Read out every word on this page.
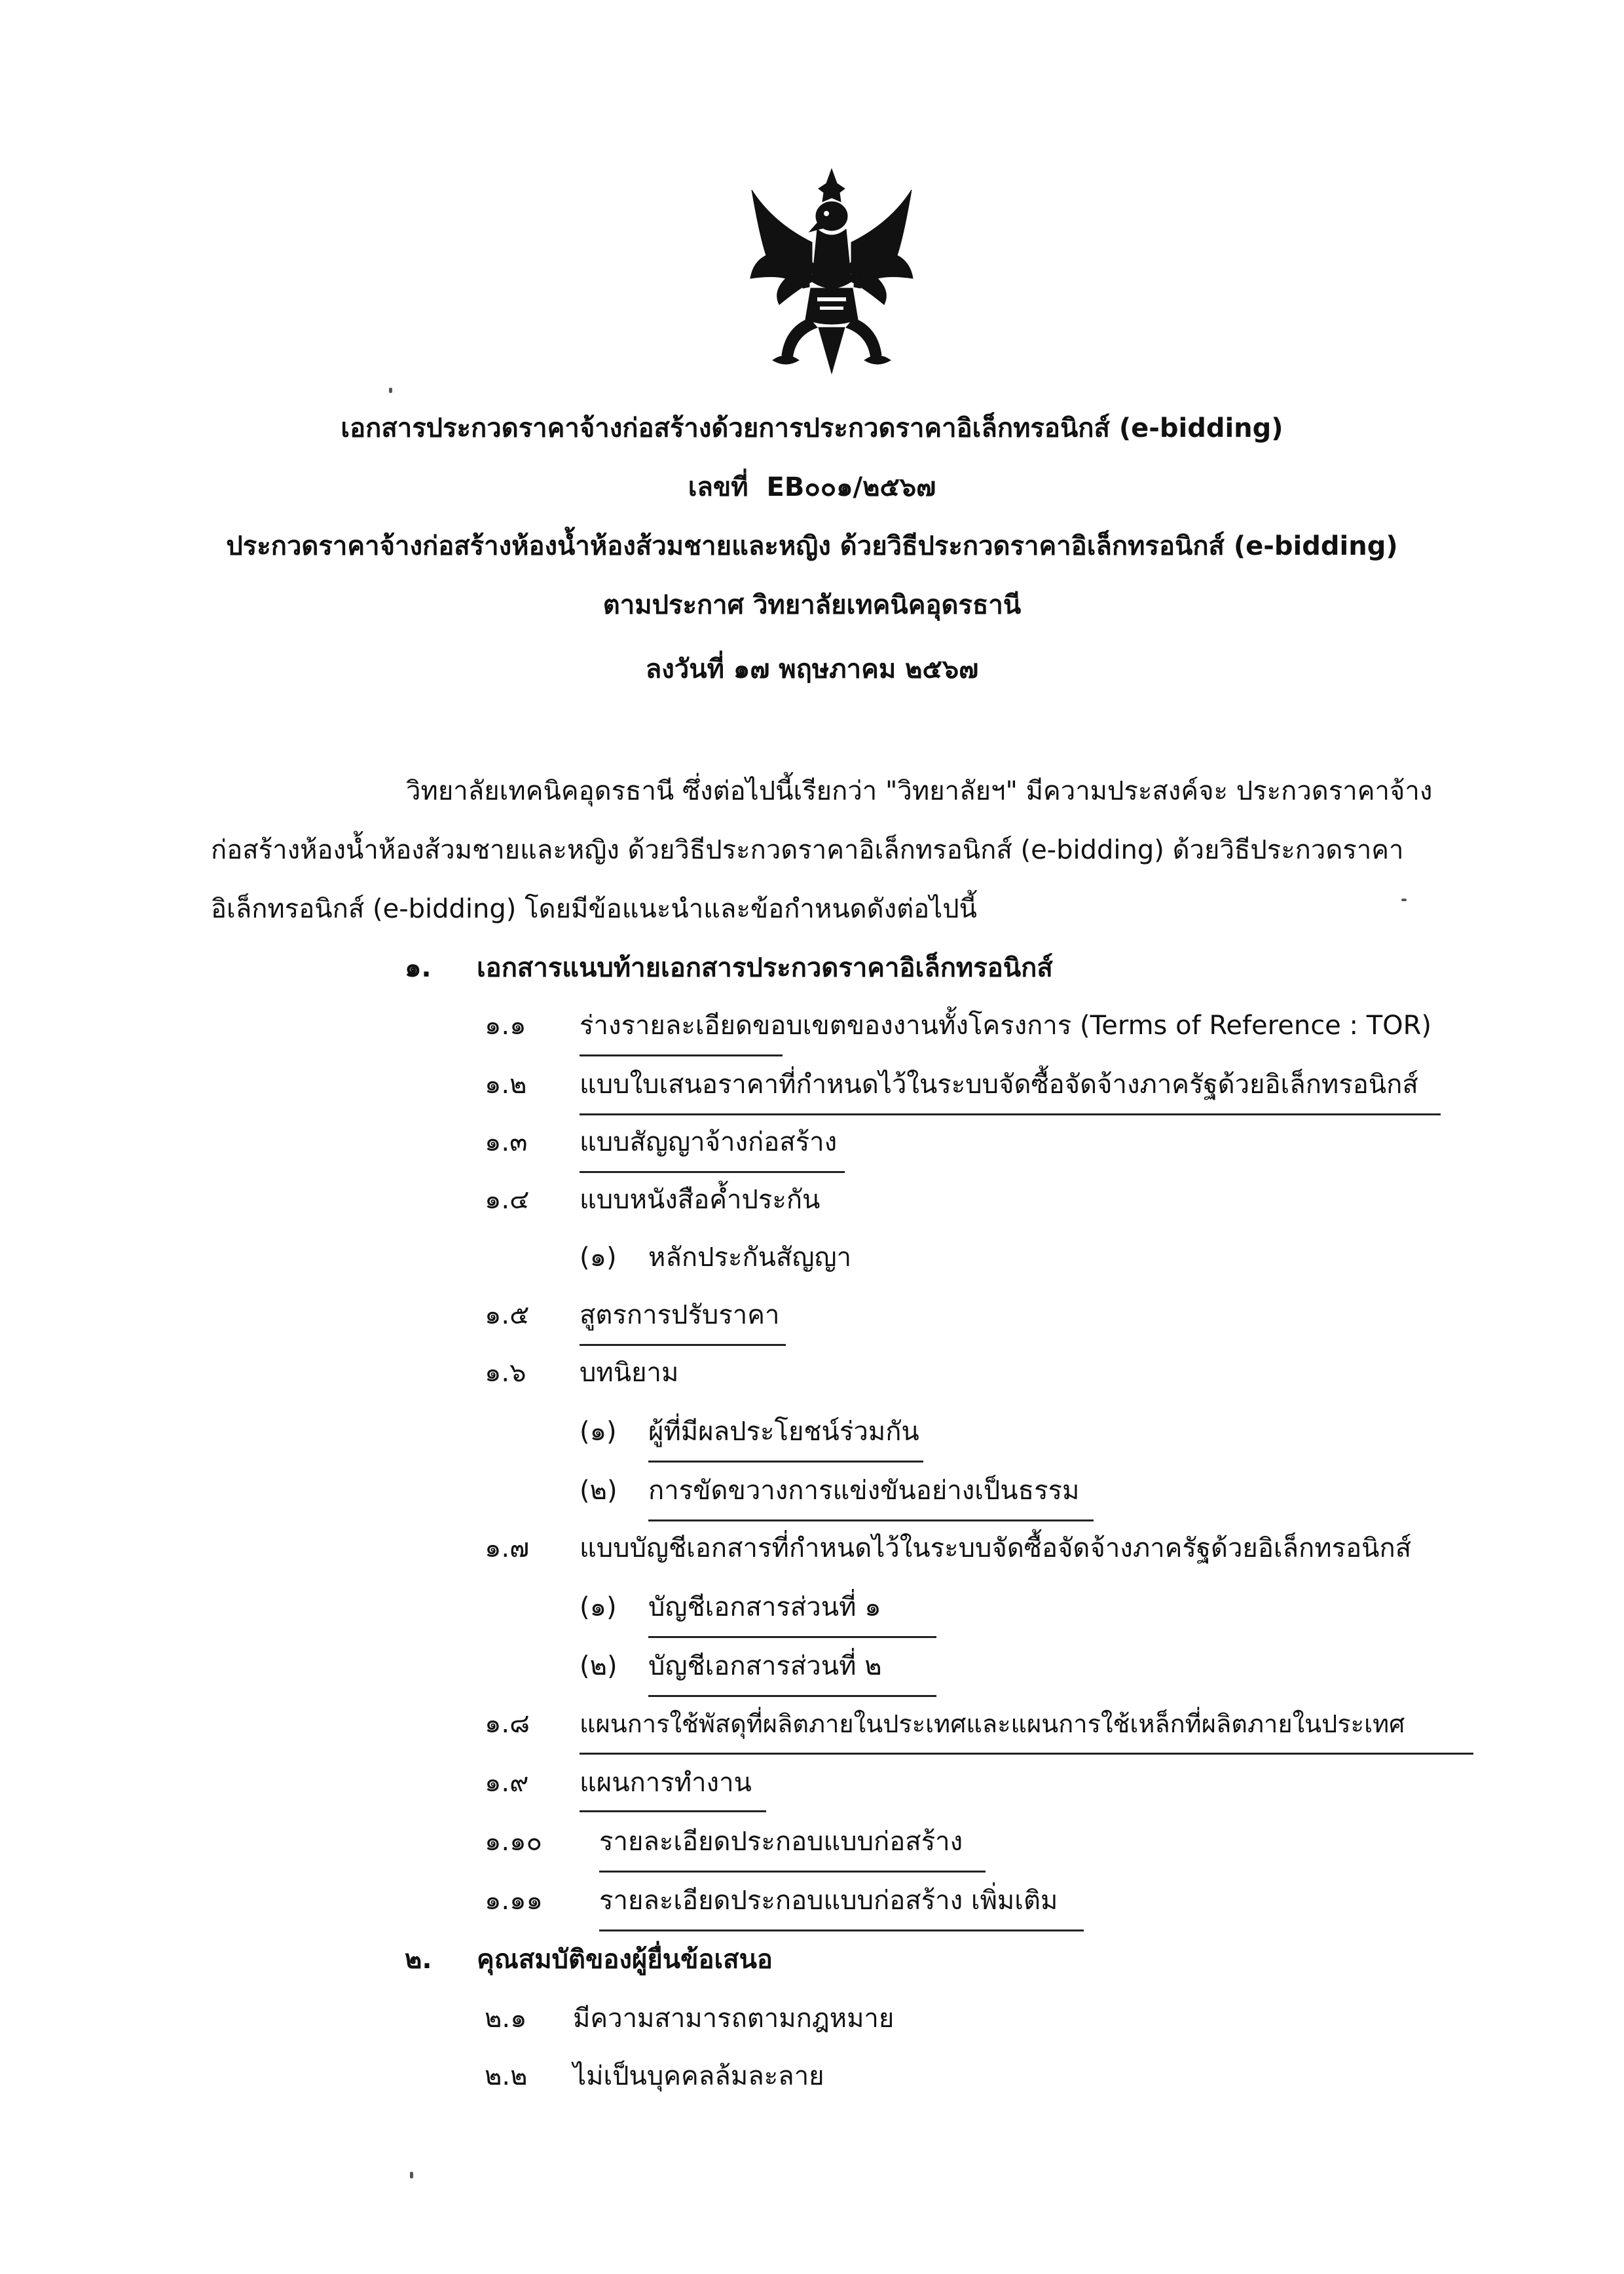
เอกสารประกวดราคาจ้างก่อสร้างด้วยการประกวดราคาอิเล็กทรอนิกส์ (e-bidding)
เลขที่ EB๐๐๑/๒๕๖๗
ประกวดราคาจ้างก่อสร้างห้องน้ำห้องส้วมชายและหญิง ด้วยวิธีประกวดราคาอิเล็กทรอนิกส์ (e-bidding)
ตามประกาศ วิทยาลัยเทคนิคอุดรธานี
ลงวันที่ ๑๗ พฤษภาคม ๒๕๖๗
วิทยาลัยเทคนิคอุดรธานี ซึ่งต่อไปนี้เรียกว่า "วิทยาลัยฯ" มีความประสงค์จะ ประกวดราคาจ้าง
ก่อสร้างห้องน้ำห้องส้วมชายและหญิง ด้วยวิธีประกวดราคาอิเล็กทรอนิกส์ (e-bidding) ด้วยวิธีประกวดราคา
อิเล็กทรอนิกส์ (e-bidding) โดยมีข้อแนะนำและข้อกำหนดดังต่อไปนี้
๑. เอกสารแนบท้ายเอกสารประกวดราคาอิเล็กทรอนิกส์
๑.๑ ร่างรายละเอียดขอบเขตของงานทั้งโครงการ (Terms of Reference : TOR)
๑.๒ แบบใบเสนอราคาที่กำหนดไว้ในระบบจัดซื้อจัดจ้างภาครัฐด้วยอิเล็กทรอนิกส์
๑.๓ แบบสัญญาจ้างก่อสร้าง
๑.๔ แบบหนังสือค้ำประกัน
(๑) หลักประกันสัญญา
๑.๕ สูตรการปรับราคา
๑.๖ บทนิยาม
(๑) ผู้ที่มีผลประโยชน์ร่วมกัน
(๒) การขัดขวางการแข่งขันอย่างเป็นธรรม
๑.๗ แบบบัญชีเอกสารที่กำหนดไว้ในระบบจัดซื้อจัดจ้างภาครัฐด้วยอิเล็กทรอนิกส์
(๑) บัญชีเอกสารส่วนที่ ๑
(๒) บัญชีเอกสารส่วนที่ ๒
๑.๘ แผนการใช้พัสดุที่ผลิตภายในประเทศและแผนการใช้เหล็กที่ผลิตภายในประเทศ
๑.๙ แผนการทำงาน
๑.๑๐ รายละเอียดประกอบแบบก่อสร้าง
๑.๑๑ รายละเอียดประกอบแบบก่อสร้าง เพิ่มเติม
๒. คุณสมบัติของผู้ยื่นข้อเสนอ
๒.๑ มีความสามารถตามกฎหมาย
๒.๒ ไม่เป็นบุคคลล้มละลาย
